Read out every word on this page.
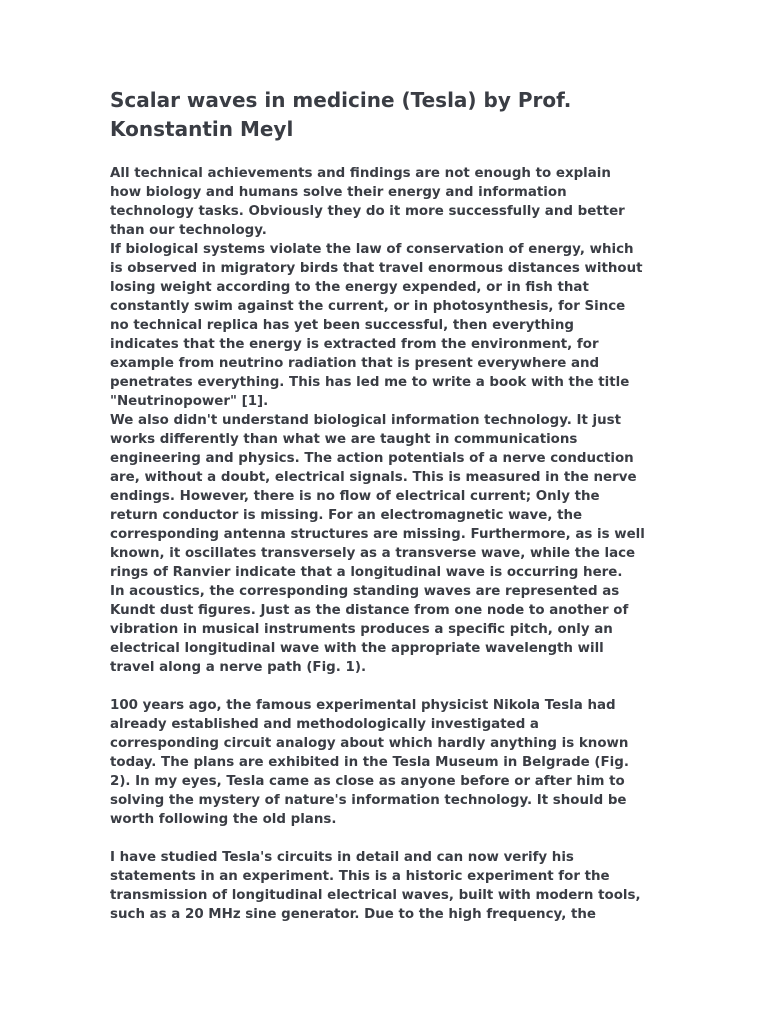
Scalar waves in medicine (Tesla) by Prof.
Konstantin Meyl
All technical achievements and findings are not enough to explain
how biology and humans solve their energy and information
technology tasks. Obviously they do it more successfully and better
than our technology.
If biological systems violate the law of conservation of energy, which
is observed in migratory birds that travel enormous distances without
losing weight according to the energy expended, or in fish that
constantly swim against the current, or in photosynthesis, for Since
no technical replica has yet been successful, then everything
indicates that the energy is extracted from the environment, for
example from neutrino radiation that is present everywhere and
penetrates everything. This has led me to write a book with the title
"Neutrinopower" [1].
We also didn't understand biological information technology. It just
works differently than what we are taught in communications
engineering and physics. The action potentials of a nerve conduction
are, without a doubt, electrical signals. This is measured in the nerve
endings. However, there is no flow of electrical current; Only the
return conductor is missing. For an electromagnetic wave, the
corresponding antenna structures are missing. Furthermore, as is well
known, it oscillates transversely as a transverse wave, while the lace
rings of Ranvier indicate that a longitudinal wave is occurring here.
In acoustics, the corresponding standing waves are represented as
Kundt dust figures. Just as the distance from one node to another of
vibration in musical instruments produces a specific pitch, only an
electrical longitudinal wave with the appropriate wavelength will
travel along a nerve path (Fig. 1).
100 years ago, the famous experimental physicist Nikola Tesla had
already established and methodologically investigated a
corresponding circuit analogy about which hardly anything is known
today. The plans are exhibited in the Tesla Museum in Belgrade (Fig.
2). In my eyes, Tesla came as close as anyone before or after him to
solving the mystery of nature's information technology. It should be
worth following the old plans.
I have studied Tesla's circuits in detail and can now verify his
statements in an experiment. This is a historic experiment for the
transmission of longitudinal electrical waves, built with modern tools,
such as a 20 MHz sine generator. Due to the high frequency, the
